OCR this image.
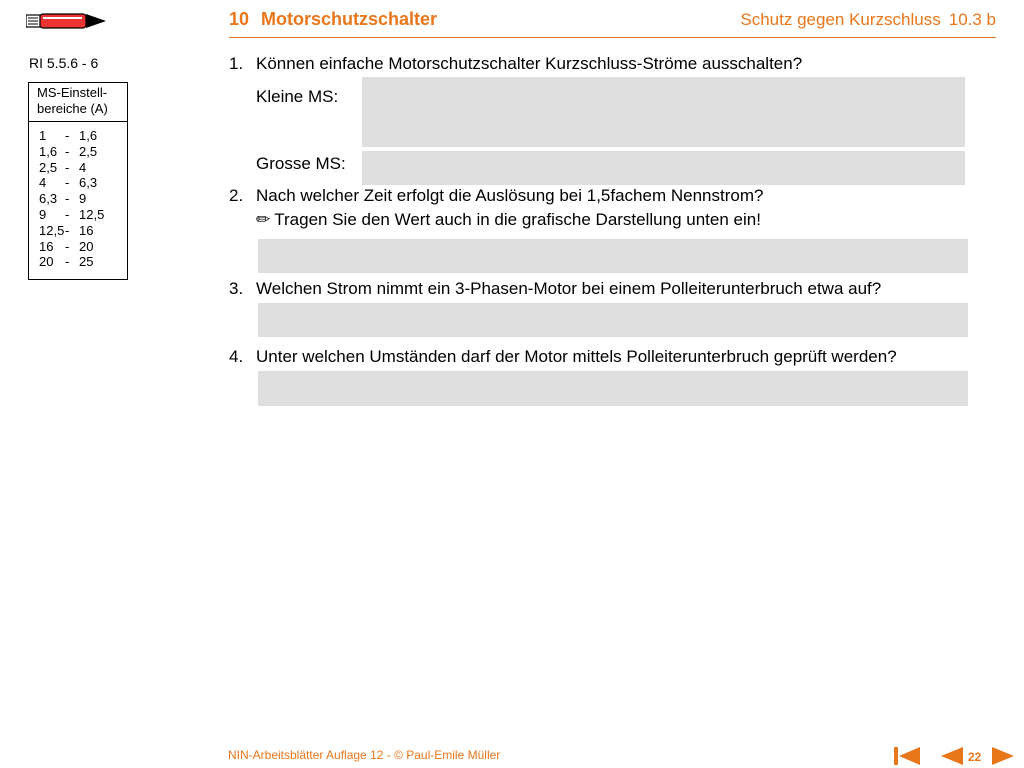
10 Motorschutzschalter	Schutz gegen Kurzschluss 10.3 b
RI 5.5.6 - 6
MS-Einstell-
bereiche (A)
1	- 1,6
1,6 - 2,5
2,5 - 4
4	- 6,3
6,3 - 9
9	- 12,5
12,5 - 16
16 - 20
20 - 25
1. Können einfache Motorschutzschalter Kurzschluss-Ströme ausschalten?
Kleine MS:
Grosse MS:
2. Nach welcher Zeit erfolgt die Auslösung bei 1,5fachem Nennstrom?
✏ Tragen Sie den Wert auch in die grafische Darstellung unten ein!
3. Welchen Strom nimmt ein 3-Phasen-Motor bei einem Polleiterunterbruch etwa auf?
4. Unter welchen Umständen darf der Motor mittels Polleiterunterbruch geprüft werden?
NIN-Arbeitsblätter Auflage 12 - © Paul-Emile Müller	22
